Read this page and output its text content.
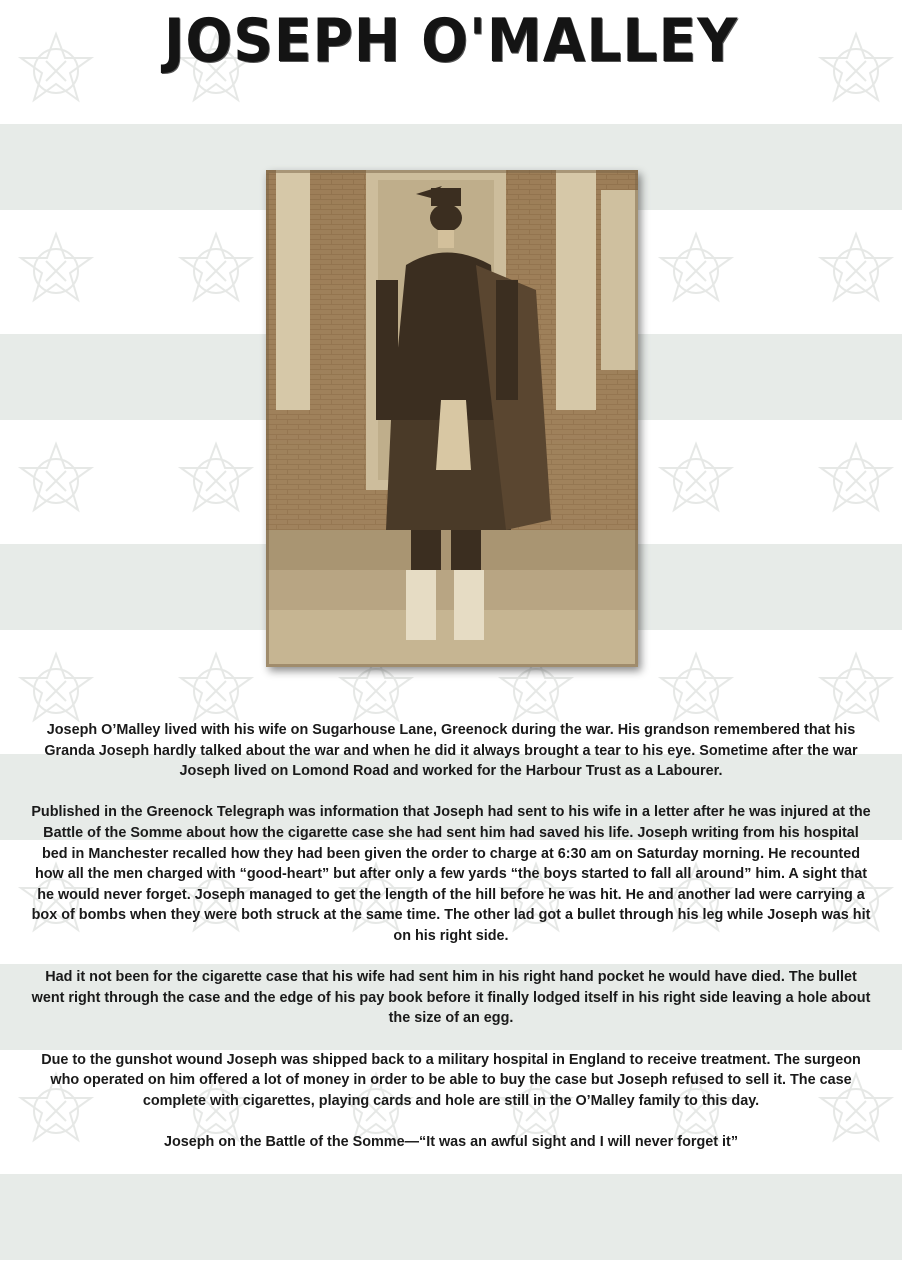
JOSEPH O'MALLEY

Joseph O’Malley lived with his wife on Sugarhouse Lane, Greenock during the war. His grandson remembered that his Granda Joseph hardly talked about the war and when he did it always brought a tear to his eye. Sometime after the war Joseph lived on Lomond Road and worked for the Harbour Trust as a Labourer.

Published in the Greenock Telegraph was information that Joseph had sent to his wife in a letter after he was injured at the Battle of the Somme about how the cigarette case she had sent him had saved his life. Joseph writing from his hospital bed in Manchester recalled how they had been given the order to charge at 6:30 am on Saturday morning. He recounted how all the men charged with “good-heart” but after only a few yards “the boys started to fall all around” him. A sight that he would never forget. Joseph managed to get the length of the hill before he was hit. He and another lad were carrying a box of bombs when they were both struck at the same time. The other lad got a bullet through his leg while Joseph was hit on his right side.

Had it not been for the cigarette case that his wife had sent him in his right hand pocket he would have died. The bullet went right through the case and the edge of his pay book before it finally lodged itself in his right side leaving a hole about the size of an egg.

Due to the gunshot wound Joseph was shipped back to a military hospital in England to receive treatment. The surgeon who operated on him offered a lot of money in order to be able to buy the case but Joseph refused to sell it. The case complete with cigarettes, playing cards and hole are still in the O’Malley family to this day.

Joseph on the Battle of the Somme—“It was an awful sight and I will never forget it”
